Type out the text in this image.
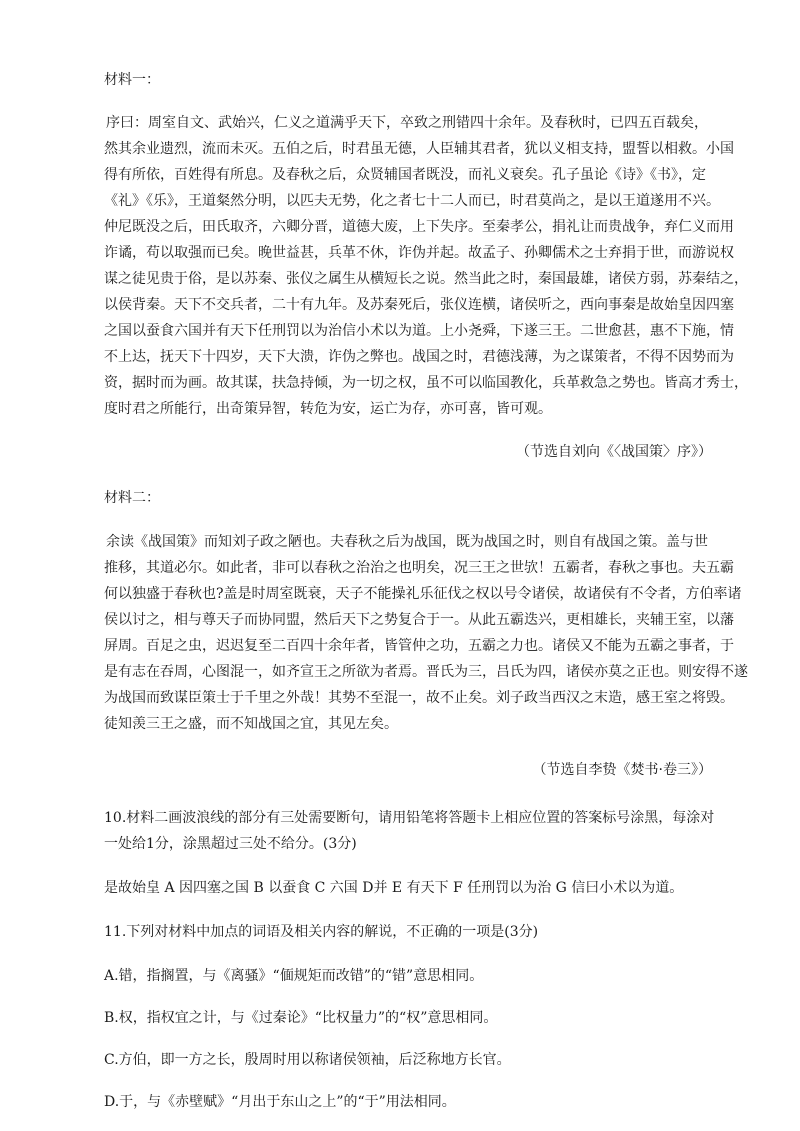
材料一：
序曰：周室自文、武始兴，仁义之道满乎天下，卒致之刑错四十余年。及春秋时，已四五百载矣，
然其余业遗烈，流而未灭。五伯之后，时君虽无德，人臣辅其君者，犹以义相支持，盟誓以相救。小国
得有所依，百姓得有所息。及春秋之后，众贤辅国者既没，而礼义衰矣。孔子虽论《诗》《书》，定
《礼》《乐》，王道粲然分明，以匹夫无势，化之者七十二人而已，时君莫尚之，是以王道遂用不兴。
仲尼既没之后，田氏取齐，六卿分晋，道德大废，上下失序。至秦孝公，捐礼让而贵战争，弃仁义而用
诈谲，苟以取强而已矣。晚世益甚，兵革不休，诈伪并起。故孟子、孙卿儒术之士弃捐于世，而游说权
谋之徒见贵于俗，是以苏秦、张仪之属生从横短长之说。然当此之时，秦国最雄，诸侯方弱，苏秦结之，
以侯背秦。天下不交兵者，二十有九年。及苏秦死后，张仪连横，诸侯听之，西向事秦是故始皇因四塞
之国以蚕食六国并有天下任刑罚以为治信小术以为道。上小尧舜，下遂三王。二世愈甚，惠不下施，情
不上达，抚天下十四岁，天下大溃，诈伪之弊也。战国之时，君德浅薄，为之谋策者，不得不因势而为
资，据时而为画。故其谋，扶急持倾，为一切之权，虽不可以临国教化，兵革救急之势也。皆高才秀士，
度时君之所能行，出奇策异智，转危为安，运亡为存，亦可喜，皆可观。
（节选自刘向《〈战国策〉序》）
材料二：
余读《战国策》而知刘子政之陋也。夫春秋之后为战国，既为战国之时，则自有战国之策。盖与世
推移，其道必尔。如此者，非可以春秋之治治之也明矣，况三王之世欤！五霸者，春秋之事也。夫五霸
何以独盛于春秋也?盖是时周室既衰，天子不能操礼乐征伐之权以号令诸侯，故诸侯有不令者，方伯率诸
侯以讨之，相与尊天子而协同盟，然后天下之势复合于一。从此五霸迭兴，更相雄长，夹辅王室，以藩
屏周。百足之虫，迟迟复至二百四十余年者，皆管仲之功，五霸之力也。诸侯又不能为五霸之事者，于
是有志在吞周，心图混一，如齐宣王之所欲为者焉。晋氏为三，吕氏为四，诸侯亦莫之正也。则安得不遂
为战国而致谋臣策士于千里之外哉！其势不至混一，故不止矣。刘子政当西汉之末造，感王室之将毁。
徒知羡三王之盛，而不知战国之宜，其见左矣。
（节选自李贽《焚书·卷三》）
10.材料二画波浪线的部分有三处需要断句，请用铅笔将答题卡上相应位置的答案标号涂黑，每涂对
一处给1分，涂黑超过三处不给分。(3分)
是故始皇 A 因四塞之国 B 以蚕食 C 六国 D并 E 有天下 F 任刑罚以为治 G 信曰小术以为道。
11.下列对材料中加点的词语及相关内容的解说，不正确的一项是(3分)
A.错，指搁置，与《离骚》“偭规矩而改错”的“错”意思相同。
B.权，指权宜之计，与《过秦论》“比权量力”的“权”意思相同。
C.方伯，即一方之长，殷周时用以称诸侯领袖，后泛称地方长官。
D.于，与《赤壁赋》“月出于东山之上”的“于”用法相同。
